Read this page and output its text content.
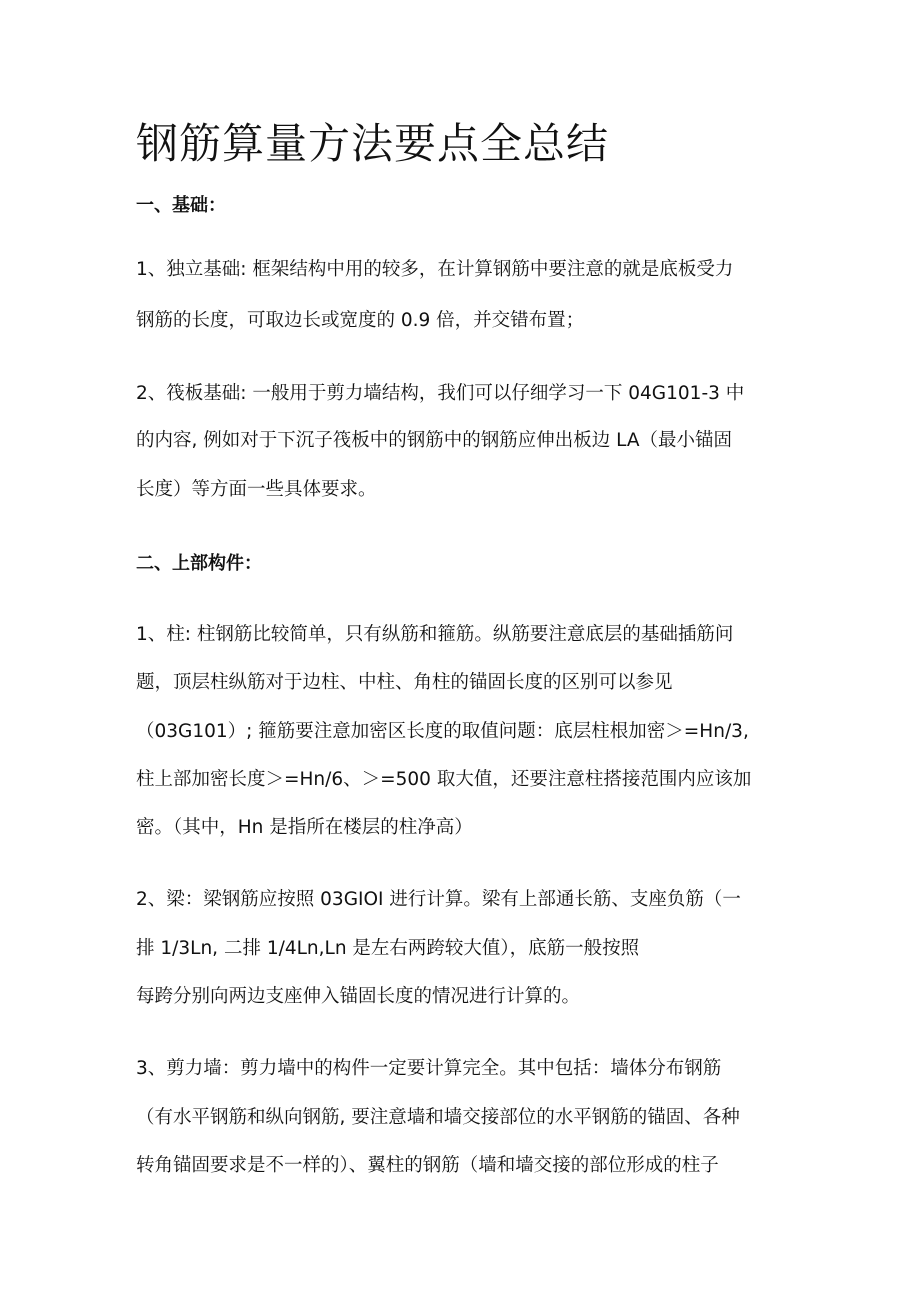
钢筋算量方法要点全总结

一、基础：

1、独立基础: 框架结构中用的较多，在计算钢筋中要注意的就是底板受力

钢筋的长度，可取边长或宽度的 0.9 倍，并交错布置；

2、筏板基础: 一般用于剪力墙结构，我们可以仔细学习一下 04G101-3 中

的内容, 例如对于下沉子筏板中的钢筋中的钢筋应伸出板边 LA（最小锚固

长度）等方面一些具体要求。

二、上部构件：

1、柱: 柱钢筋比较简单，只有纵筋和箍筋。纵筋要注意底层的基础插筋问

题，顶层柱纵筋对于边柱、中柱、角柱的锚固长度的区别可以参见

（03G101）; 箍筋要注意加密区长度的取值问题：底层柱根加密＞=Hn/3,

柱上部加密长度＞=Hn/6、＞=500 取大值，还要注意柱搭接范围内应该加

密。（其中，Hn 是指所在楼层的柱净高）

2、梁：梁钢筋应按照 03GIOI 进行计算。梁有上部通长筋、支座负筋（一

排 1/3Ln, 二排 1/4Ln,Ln 是左右两跨较大值），底筋一般按照

每跨分别向两边支座伸入锚固长度的情况进行计算的。

3、剪力墙：剪力墙中的构件一定要计算完全。其中包括：墙体分布钢筋

（有水平钢筋和纵向钢筋, 要注意墙和墙交接部位的水平钢筋的锚固、各种

转角锚固要求是不一样的）、翼柱的钢筋（墙和墙交接的部位形成的柱子
